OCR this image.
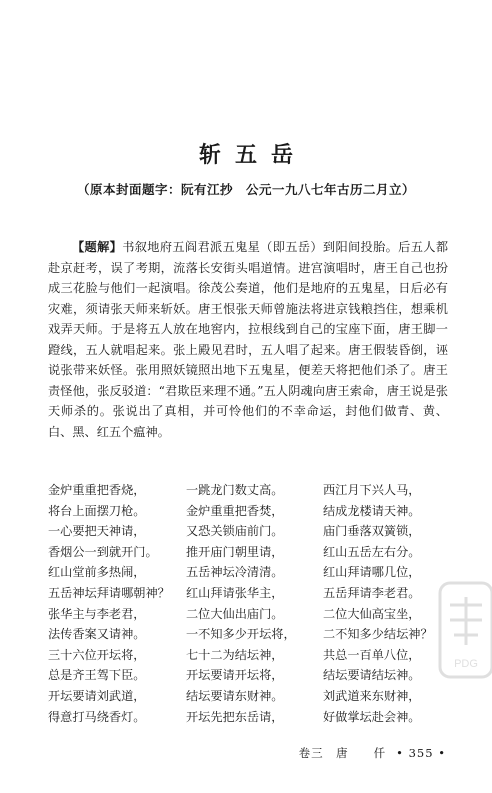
斩五岳
（原本封面题字：阮有江抄　公元一九八七年古历二月立）
【题解】书叙地府五阎君派五鬼星（即五岳）到阳间投胎。后五人都赴京赶考，误了考期，流落长安街头唱道情。进宫演唱时，唐王自己也扮成三花脸与他们一起演唱。徐茂公奏道，他们是地府的五鬼星，日后必有灾难，须请张天师来斩妖。唐王恨张天师曾施法将进京钱粮挡住，想乘机戏弄天师。于是将五人放在地窖内，拉根线到自己的宝座下面，唐王脚一蹬线，五人就唱起来。张上殿见君时，五人唱了起来。唐王假装昏倒，诬说张带来妖怪。张用照妖镜照出地下五鬼星，便差天将把他们杀了。唐王责怪他，张反驳道：“君欺臣来理不通。”五人阴魂向唐王索命，唐王说是张天师杀的。张说出了真相，并可怜他们的不幸命运，封他们做青、黄、白、黑、红五个瘟神。
金炉重重把香烧，
将台上面摆刀枪。
一心要把天神请，
香烟公一到就开门。
红山堂前多热闹，
五岳神坛拜请哪朝神？
张华主与李老君，
法传香案又请神。
三十六位开坛将，
总是齐王驾下臣。
开坛要请刘武道，
得意打马绕香灯。
一跳龙门数丈高。
金炉重重把香焚，
又恐关锁庙前门。
推开庙门朝里请，
五岳神坛冷清清。
红山拜请张华主，
二位大仙出庙门。
一不知多少开坛将，
七十二为结坛神，
开坛要请开坛将，
结坛要请东财神。
开坛先把东岳请，
西江月下兴人马，
结成龙楼请天神。
庙门垂落双簧锁，
红山五岳左右分。
红山拜请哪几位，
五岳拜请李老君。
二位大仙高宝坐，
二不知多少结坛神？
共总一百单八位，
结坛要请结坛神。
刘武道来东财神，
好做掌坛赴会神。
卷三　唐　　仟 • 355 •
PDG
